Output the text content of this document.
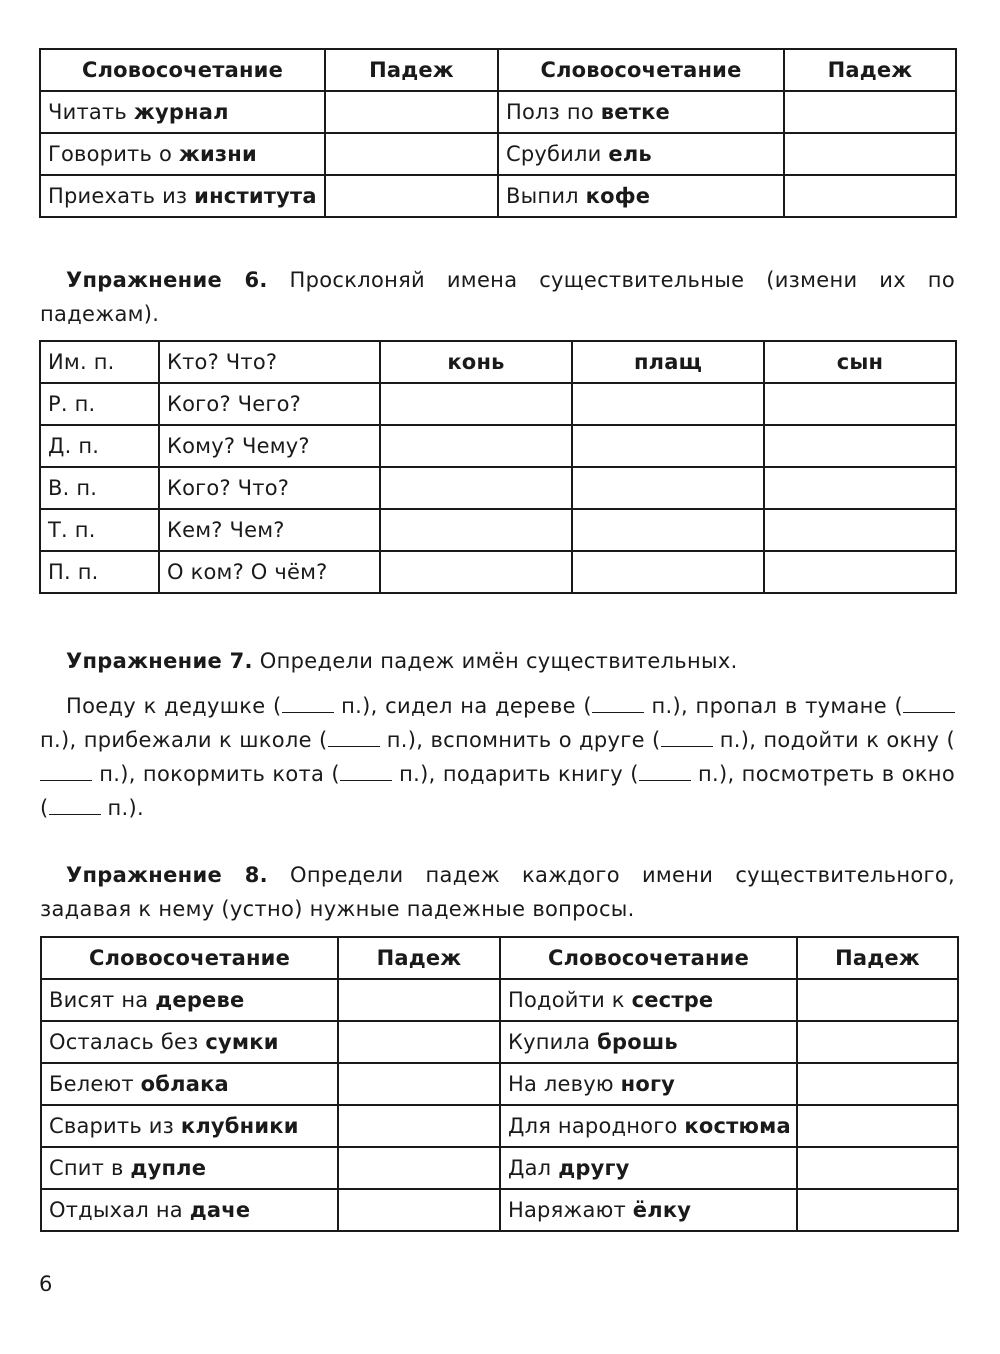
Словосочетание	Падеж	Словосочетание	Падеж
Читать журнал		Полз по ветке	
Говорить о жизни		Срубили ель	
Приехать из института		Выпил кофе	
Упражнение 6. Просклоняй имена существительные (измени их по падежам).
Им. п.	Кто? Что?	конь	плащ	сын
Р. п.	Кого? Чего?			
Д. п.	Кому? Чему?			
В. п.	Кого? Что?			
Т. п.	Кем? Чем?			
П. п.	О ком? О чём?			
Упражнение 7. Определи падеж имён существительных.
Поеду к дедушке ( п.), сидел на дереве ( п.), пропал в тумане ( п.), прибежали к школе ( п.), вспомнить о друге ( п.), подойти к окну ( п.), покормить кота ( п.), подарить книгу ( п.), посмотреть в окно ( п.).
Упражнение 8. Определи падеж каждого имени существительного, задавая к нему (устно) нужные падежные вопросы.
Словосочетание	Падеж	Словосочетание	Падеж
Висят на дереве		Подойти к сестре	
Осталась без сумки		Купила брошь	
Белеют облака		На левую ногу	
Сварить из клубники		Для народного костюма	
Спит в дупле		Дал другу	
Отдыхал на даче		Наряжают ёлку	
6
